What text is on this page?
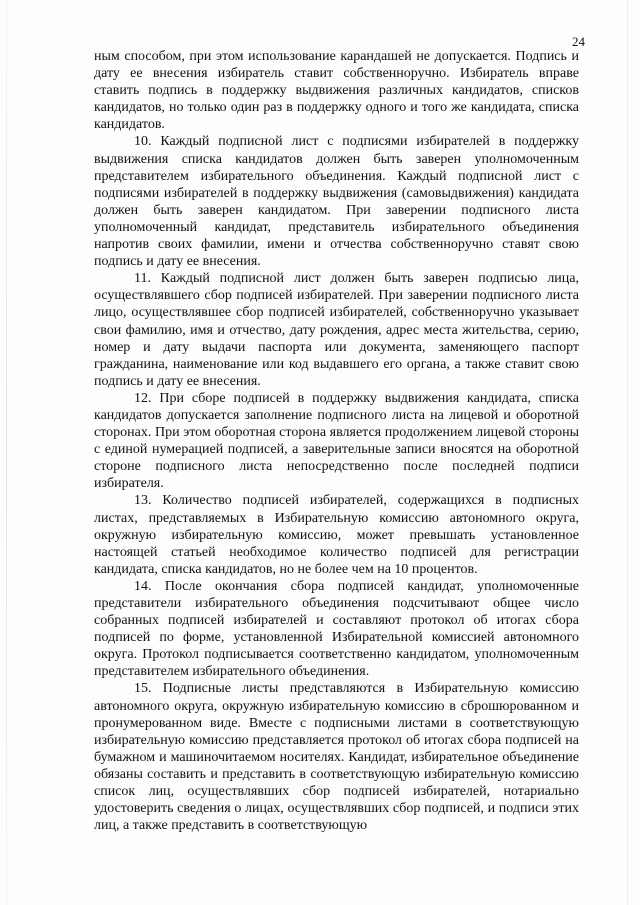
24

ным способом, при этом использование карандашей не допускается. Подпись и дату ее внесения избиратель ставит собственноручно. Избиратель вправе ставить подпись в поддержку выдвижения различных кандидатов, списков кандидатов, но только один раз в поддержку одного и того же кандидата, списка кандидатов.

10. Каждый подписной лист с подписями избирателей в поддержку выдвижения списка кандидатов должен быть заверен уполномоченным представителем избирательного объединения. Каждый подписной лист с подписями избирателей в поддержку выдвижения (самовыдвижения) кандидата должен быть заверен кандидатом. При заверении подписного листа уполномоченный кандидат, представитель избирательного объединения напротив своих фамилии, имени и отчества собственноручно ставят свою подпись и дату ее внесения.

11. Каждый подписной лист должен быть заверен подписью лица, осуществлявшего сбор подписей избирателей. При заверении подписного листа лицо, осуществлявшее сбор подписей избирателей, собственноручно указывает свои фамилию, имя и отчество, дату рождения, адрес места жительства, серию, номер и дату выдачи паспорта или документа, заменяющего паспорт гражданина, наименование или код выдавшего его органа, а также ставит свою подпись и дату ее внесения.

12. При сборе подписей в поддержку выдвижения кандидата, списка кандидатов допускается заполнение подписного листа на лицевой и оборотной сторонах. При этом оборотная сторона является продолжением лицевой стороны с единой нумерацией подписей, а заверительные записи вносятся на оборотной стороне подписного листа непосредственно после последней подписи избирателя.

13. Количество подписей избирателей, содержащихся в подписных листах, представляемых в Избирательную комиссию автономного округа, окружную избирательную комиссию, может превышать установленное настоящей статьей необходимое количество подписей для регистрации кандидата, списка кандидатов, но не более чем на 10 процентов.

14. После окончания сбора подписей кандидат, уполномоченные представители избирательного объединения подсчитывают общее число собранных подписей избирателей и составляют протокол об итогах сбора подписей по форме, установленной Избирательной комиссией автономного округа. Протокол подписывается соответственно кандидатом, уполномоченным представителем избирательного объединения.

15. Подписные листы представляются в Избирательную комиссию автономного округа, окружную избирательную комиссию в сброшюрованном и пронумерованном виде. Вместе с подписными листами в соответствующую избирательную комиссию представляется протокол об итогах сбора подписей на бумажном и машиночитаемом носителях. Кандидат, избирательное объединение обязаны составить и представить в соответствующую избирательную комиссию список лиц, осуществлявших сбор подписей избирателей, нотариально удостоверить сведения о лицах, осуществлявших сбор подписей, и подписи этих лиц, а также представить в соответствующую
